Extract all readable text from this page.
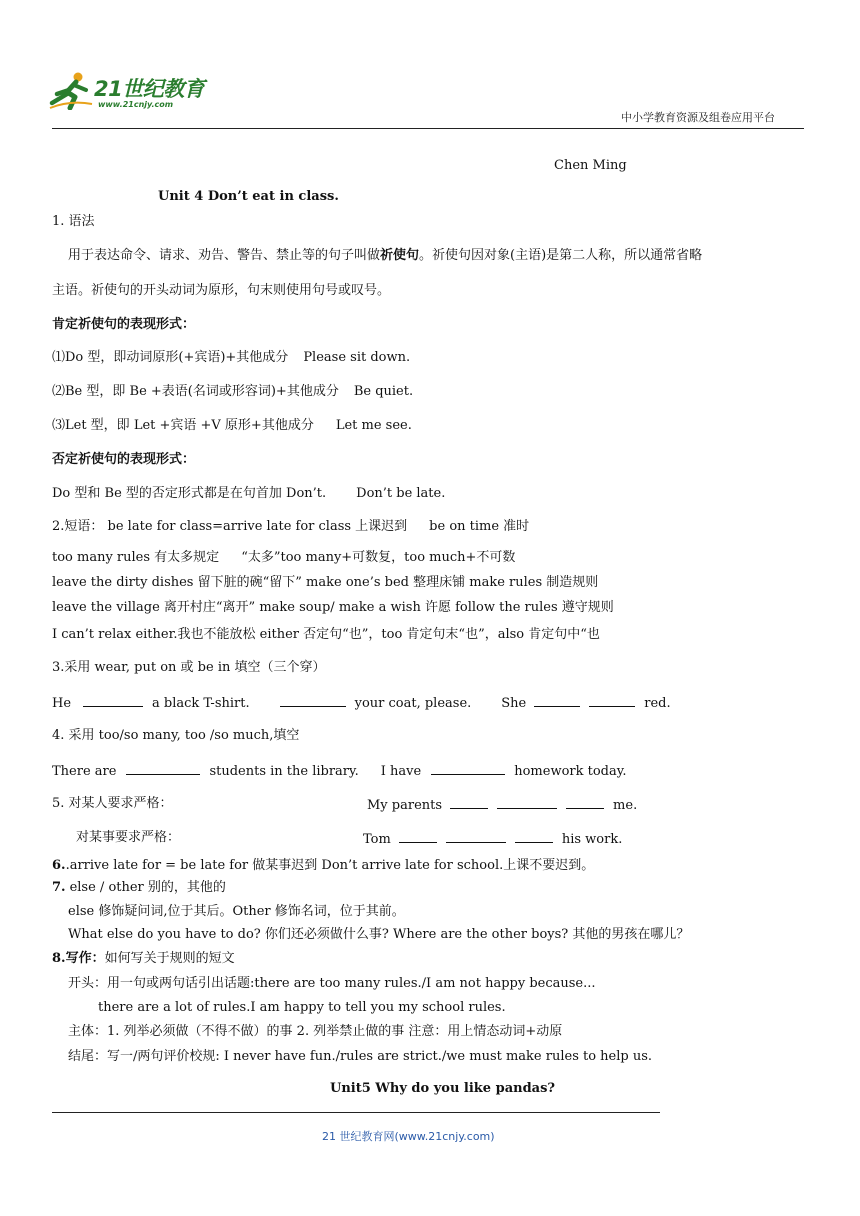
21世纪教育
www.21cnjy.com
中小学教育资源及组卷应用平台
Chen Ming
Unit 4 Don’t eat in class.
1. 语法
用于表达命令、请求、劝告、警告、禁止等的句子叫做祈使句。祈使句因对象(主语)是第二人称，所以通常省略
主语。祈使句的开头动词为原形，句末则使用句号或叹号。
肯定祈使句的表现形式：
⑴Do 型，即动词原形(+宾语)+其他成分 Please sit down.
⑵Be 型，即 Be +表语(名词或形容词)+其他成分 Be quiet.
⑶Let 型，即 Let +宾语 +V 原形+其他成分 Let me see.
否定祈使句的表现形式：
Do 型和 Be 型的否定形式都是在句首加 Don’t. Don’t be late.
2.短语： be late for class=arrive late for class 上课迟到 be on time 准时
too many rules 有太多规定 “太多”too many+可数复，too much+不可数
leave the dirty dishes 留下脏的碗“留下” make one’s bed 整理床铺 make rules 制造规则
leave the village 离开村庄“离开” make soup/ make a wish 许愿 follow the rules 遵守规则
I can’t relax either.我也不能放松 either 否定句“也”，too 肯定句末“也”，also 肯定句中“也
3.采用 wear, put on 或 be in 填空（三个穿）
He	a black T-shirt.	your coat, please. She	red.
4. 采用 too/so many, too /so much,填空
There are	students in the library. I have	homework today.
5. 对某人要求严格：	My parents	me.
对某事要求严格：	Tom	his work.
6..arrive late for = be late for 做某事迟到 Don’t arrive late for school.上课不要迟到。
7. else / other 别的，其他的
else 修饰疑问词,位于其后。Other 修饰名词，位于其前。
What else do you have to do? 你们还必须做什么事? Where are the other boys? 其他的男孩在哪儿？
8.写作：如何写关于规则的短文
开头：用一句或两句话引出话题:there are too many rules./I am not happy because...
there are a lot of rules.I am happy to tell you my school rules.
主体：1. 列举必须做（不得不做）的事 2. 列举禁止做的事 注意：用上情态动词+动原
结尾：写一/两句评价校规: I never have fun./rules are strict./we must make rules to help us.
Unit5 Why do you like pandas?
21 世纪教育网(www.21cnjy.com)
